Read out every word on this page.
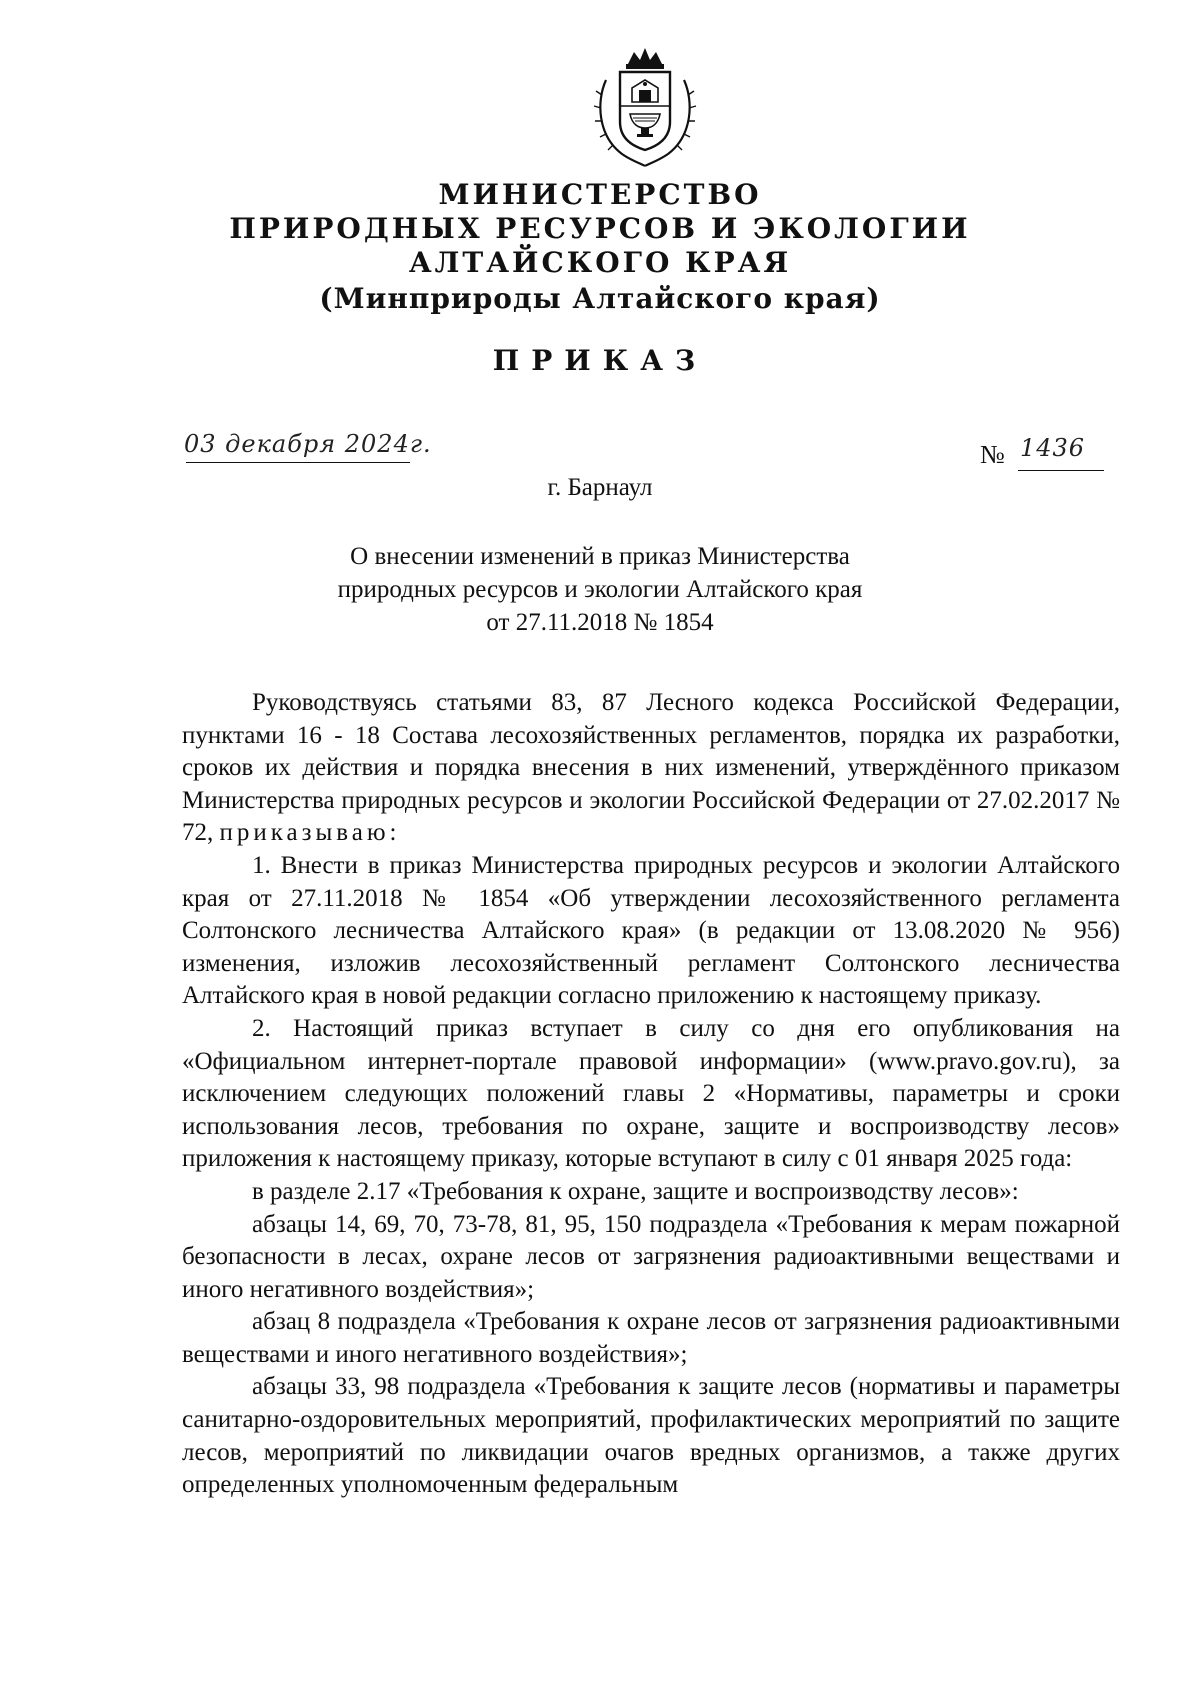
МИНИСТЕРСТВО
ПРИРОДНЫХ РЕСУРСОВ И ЭКОЛОГИИ
АЛТАЙСКОГО КРАЯ
(Минприроды Алтайского края)
ПРИКАЗ
03 декабря 2024г.	№ 1436
г. Барнаул
О внесении изменений в приказ Министерства
природных ресурсов и экологии Алтайского края
от 27.11.2018 № 1854

Руководствуясь статьями 83, 87 Лесного кодекса Российской Федерации, пунктами 16 - 18 Состава лесохозяйственных регламентов, порядка их разработки, сроков их действия и порядка внесения в них изменений, утверждённого приказом Министерства природных ресурсов и экологии Российской Федерации от 27.02.2017 № 72, приказываю:

1. Внести в приказ Министерства природных ресурсов и экологии Алтайского края от 27.11.2018 № 1854 «Об утверждении лесохозяйственного регламента Солтонского лесничества Алтайского края» (в редакции от 13.08.2020 № 956) изменения, изложив лесохозяйственный регламент Солтонского лесничества Алтайского края в новой редакции согласно приложению к настоящему приказу.

2. Настоящий приказ вступает в силу со дня его опубликования на «Официальном интернет-портале правовой информации» (www.pravo.gov.ru), за исключением следующих положений главы 2 «Нормативы, параметры и сроки использования лесов, требования по охране, защите и воспроизводству лесов» приложения к настоящему приказу, которые вступают в силу с 01 января 2025 года:

в разделе 2.17 «Требования к охране, защите и воспроизводству лесов»:

абзацы 14, 69, 70, 73-78, 81, 95, 150 подраздела «Требования к мерам пожарной безопасности в лесах, охране лесов от загрязнения радиоактивными веществами и иного негативного воздействия»;

абзац 8 подраздела «Требования к охране лесов от загрязнения радиоактивными веществами и иного негативного воздействия»;

абзацы 33, 98 подраздела «Требования к защите лесов (нормативы и параметры санитарно-оздоровительных мероприятий, профилактических мероприятий по защите лесов, мероприятий по ликвидации очагов вредных организмов, а также других определенных уполномоченным федеральным
